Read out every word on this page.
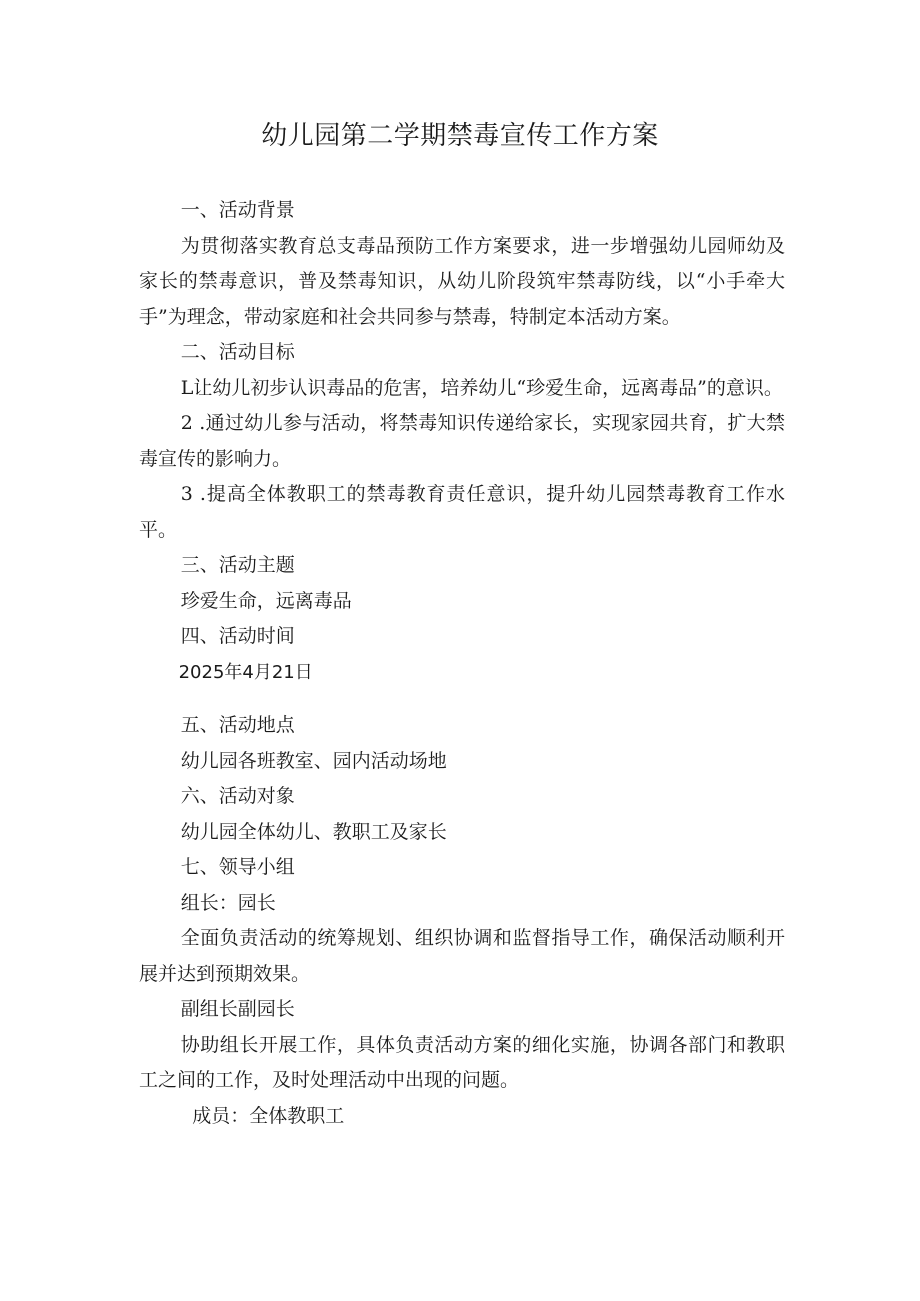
幼儿园第二学期禁毒宣传工作方案

一、活动背景

为贯彻落实教育总支毒品预防工作方案要求，进一步增强幼儿园师幼及家长的禁毒意识，普及禁毒知识，从幼儿阶段筑牢禁毒防线，以“小手牵大手”为理念，带动家庭和社会共同参与禁毒，特制定本活动方案。

二、活动目标

L让幼儿初步认识毒品的危害，培养幼儿“珍爱生命，远离毒品”的意识。

2 .通过幼儿参与活动，将禁毒知识传递给家长，实现家园共育，扩大禁毒宣传的影响力。

3 .提高全体教职工的禁毒教育责任意识，提升幼儿园禁毒教育工作水平。

三、活动主题

珍爱生命，远离毒品

四、活动时间

2025年4月21日

五、活动地点

幼儿园各班教室、园内活动场地

六、活动对象

幼儿园全体幼儿、教职工及家长

七、领导小组

组长：园长

全面负责活动的统筹规划、组织协调和监督指导工作，确保活动顺利开展并达到预期效果。

副组长副园长

协助组长开展工作，具体负责活动方案的细化实施，协调各部门和教职工之间的工作，及时处理活动中出现的问题。

成员：全体教职工
